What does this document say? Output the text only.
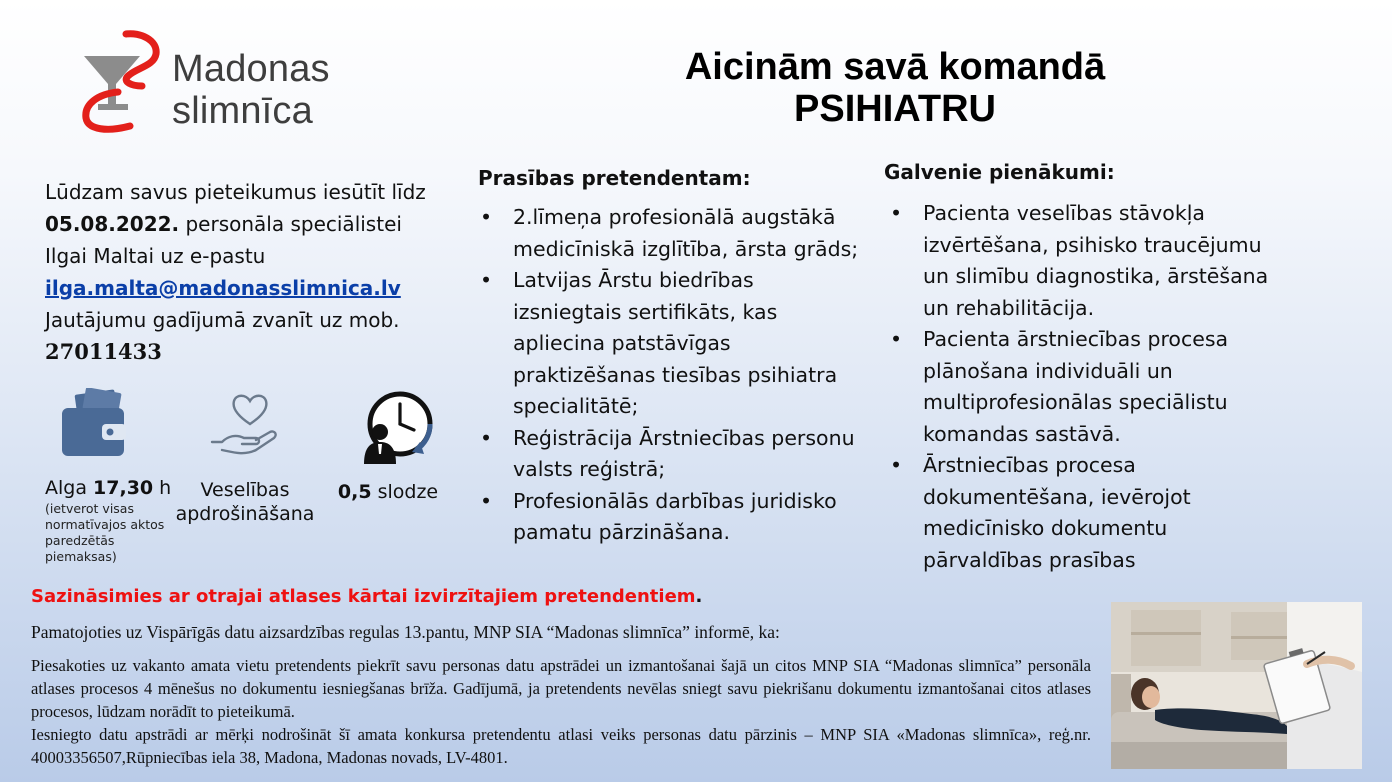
Madonas
slimnīca
Aicinām savā komandā
PSIHIATRU
Lūdzam savus pieteikumus iesūtīt līdz
05.08.2022. personāla speciālistei
Ilgai Maltai uz e-pastu
ilga.malta@madonasslimnica.lv
Jautājumu gadījumā zvanīt uz mob.
27011433
Alga 17,30 h
(ietverot visas normatīvajos aktos paredzētās piemaksas)
Veselības
apdrošināšana
0,5 slodze
Prasības pretendentam:
• 2.līmeņa profesionālā augstākā medicīniskā izglītība, ārsta grāds;
• Latvijas Ārstu biedrības izsniegtais sertifikāts, kas apliecina patstāvīgas praktizēšanas tiesības psihiatra specialitātē;
• Reģistrācija Ārstniecības personu valsts reģistrā;
• Profesionālās darbības juridisko pamatu pārzināšana.
Galvenie pienākumi:
• Pacienta veselības stāvokļa izvērtēšana, psihisko traucējumu un slimību diagnostika, ārstēšana un rehabilitācija.
• Pacienta ārstniecības procesa plānošana individuāli un multiprofesionālas speciālistu komandas sastāvā.
• Ārstniecības procesa dokumentēšana, ievērojot medicīnisko dokumentu pārvaldības prasības
Sazināsimies ar otrajai atlases kārtai izvirzītajiem pretendentiem.
Pamatojoties uz Vispārīgās datu aizsardzības regulas 13.pantu, MNP SIA “Madonas slimnīca” informē, ka:

Piesakoties uz vakanto amata vietu pretendents piekrīt savu personas datu apstrādei un izmantošanai šajā un citos MNP SIA “Madonas slimnīca” personāla atlases procesos 4 mēnešus no dokumentu iesniegšanas brīža. Gadījumā, ja pretendents nevēlas sniegt savu piekrišanu dokumentu izmantošanai citos atlases procesos, lūdzam norādīt to pieteikumā.

Iesniegto datu apstrādi ar mērķi nodrošināt šī amata konkursa pretendentu atlasi veiks personas datu pārzinis – MNP SIA «Madonas slimnīca», reģ.nr. 40003356507,Rūpniecības iela 38, Madona, Madonas novads, LV-4801.
